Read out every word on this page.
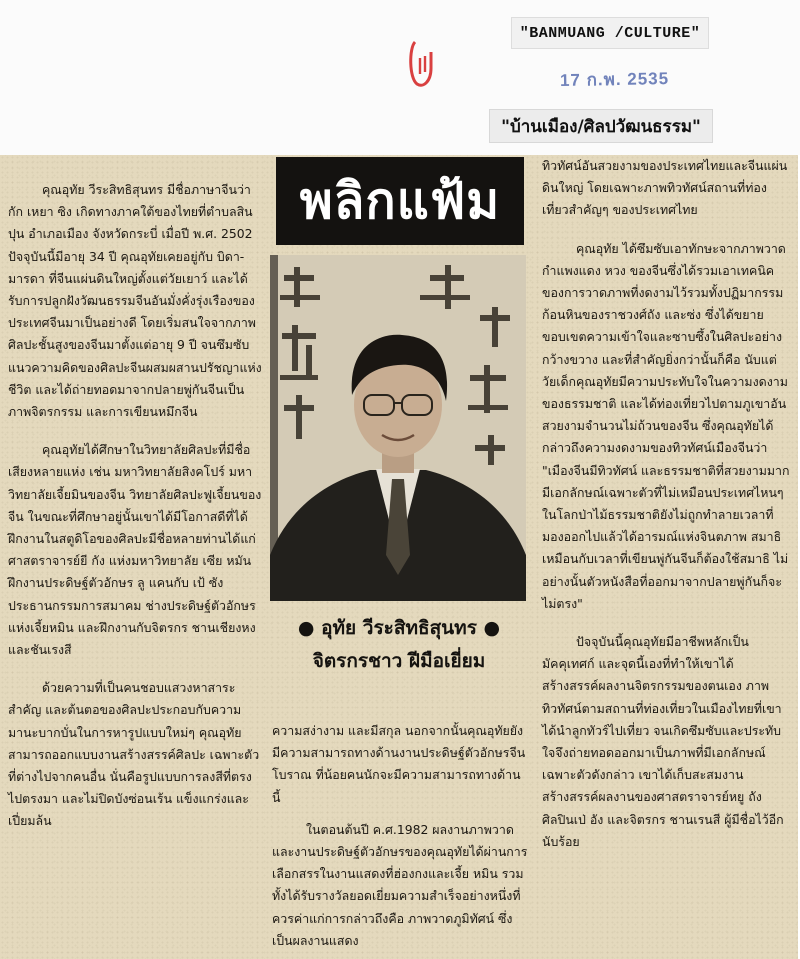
"BANMUANG /CULTURE"
17 ก.พ. 2535
"บ้านเมือง/ศิลปวัฒนธรรม"

คุณอุทัย วีระสิทธิสุนทร มีชื่อภาษาจีนว่า กัก เหยา ซิง เกิดทางภาคใต้ของไทยที่ตำบลสินปุน อำเภอเมือง จังหวัดกระบี่ เมื่อปี พ.ศ. 2502 ปัจจุบันนี้มีอายุ 34 ปี คุณอุทัยเคยอยู่กับ บิดา-มารดา ที่จีนแผ่นดินใหญ่ตั้งแต่วัยเยาว์ และได้รับการปลูกฝังวัฒนธรรมจีนอันมั่งคั่งรุ่งเรืองของประเทศจีนมาเป็นอย่างดี โดยเริ่มสนใจจากภาพศิลปะชั้นสูงของจีนมาตั้งแต่อายุ 9 ปี จนซึมซับแนวความคิดของศิลปะจีนผสมผสานปรัชญาแห่งชีวิต และได้ถ่ายทอดมาจากปลายพู่กันจีนเป็นภาพจิตรกรรม และการเขียนหมึกจีน

คุณอุทัยได้ศึกษาในวิทยาลัยศิลปะที่มีชื่อเสียงหลายแห่ง เช่น มหาวิทยาลัยสิงคโปร์ มหาวิทยาลัยเจี้ยมินของจีน วิทยาลัยศิลปะฟูเจี้ยนของจีน ในขณะที่ศึกษาอยู่นั้นเขาได้มีโอกาสดีที่ได้ฝึกงานในสตูดิโอของศิลปะมีชื่อหลายท่านได้แก่ศาสตราจารย์ยี กัง แห่งมหาวิทยาลัย เซีย หมัน ฝึกงานประดิษฐ์ตัวอักษร ลู แคนกับ เป้ ซัง ประธานกรรมการสมาคม ช่างประดิษฐ์ตัวอักษรแห่งเจี้ยหมิน และฝึกงานกับจิตรกร ชานเชียงหง และชันเรงสี

ด้วยความที่เป็นคนชอบแสวงหาสาระสำคัญ และต้นตอของศิลปะประกอบกับความมานะบากบั่นในการหารูปแบบใหม่ๆ คุณอุทัยสามารถออกแบบงานสร้างสรรค์ศิลปะ เฉพาะตัวที่ต่างไปจากคนอื่น นั่นคือรูปแบบการลงสีที่ตรงไปตรงมา และไม่ปิดบังซ่อนเร้น แข็งแกร่งและเปี่ยมล้น

พลิกแฟ้ม
● อุทัย วีระสิทธิสุนทร ●
จิตรกรชาว ฝีมือเยี่ยม

ความสง่างาม และมีสกุล นอกจากนั้นคุณอุทัยยังมีความสามารถทางด้านงานประดิษฐ์ตัวอักษรจีนโบราณ ที่น้อยคนนักจะมีความสามารถทางด้านนี้

ในตอนต้นปี ค.ศ.1982 ผลงานภาพวาดและงานประดิษฐ์ตัวอักษรของคุณอุทัยได้ผ่านการเลือกสรรในงานแสดงที่ฮ่องกงและเจี้ย หมิน รวมทั้งได้รับรางวัลยอดเยี่ยมความสำเร็จอย่างหนึ่งที่ควรค่าแก่การกล่าวถึงคือ ภาพวาดภูมิทัศน์ ซึ่งเป็นผลงานแสดง

ทิวทัศน์อันสวยงามของประเทศไทยและจีนแผ่นดินใหญ่ โดยเฉพาะภาพทิวทัศน์สถานที่ท่องเที่ยวสำคัญๆ ของประเทศไทย

คุณอุทัย ได้ซึมซับเอาทักษะจากภาพวาดกำแพงแดง หวง ของจีนซึ่งได้รวมเอาเทคนิคของการวาดภาพที่งดงามไว้รวมทั้งปฏิมากรรมก้อนหินของราชวงศ์ถัง และซ่ง ซึ่งได้ขยายขอบเขตความเข้าใจและซาบซึ้งในศิลปะอย่างกว้างขวาง และที่สำคัญยิ่งกว่านั้นก็คือ นับแต่วัยเด็กคุณอุทัยมีความประทับใจในความงดงามของธรรมชาติ และได้ท่องเที่ยวไปตามภูเขาอันสวยงามจำนวนไม่ถ้วนของจีน ซึ่งคุณอุทัยได้กล่าวถึงความงดงามของทิวทัศน์เมืองจีนว่า "เมืองจีนมีทิวทัศน์ และธรรมชาติที่สวยงามมาก มีเอกลักษณ์เฉพาะตัวที่ไม่เหมือนประเทศไหนๆในโลกป่าไม้ธรรมชาติยังไม่ถูกทำลายเวลาที่มองออกไปแล้วได้อารมณ์แห่งจินตภาพ สมาธิ เหมือนกับเวลาที่เขียนพู่กันจีนก็ต้องใช้สมาธิ ไม่อย่างนั้นตัวหนังสือที่ออกมาจากปลายพู่กันก็จะไม่ตรง"

ปัจจุบันนี้คุณอุทัยมีอาชีพหลักเป็นมัคคุเทศก์ และจุดนี้เองที่ทำให้เขาได้สร้างสรรค์ผลงานจิตรกรรมของตนเอง ภาพทิวทัศน์ตามสถานที่ท่องเที่ยวในเมืองไทยที่เขาได้นำลูกทัวร์ไปเที่ยว จนเกิดซึมซับและประทับใจจึงถ่ายทอดออกมาเป็นภาพที่มีเอกลักษณ์เฉพาะตัวดังกล่าว เขาได้เก็บสะสมงานสร้างสรรค์ผลงานของศาสตราจารย์หยู ถัง ศิลปินเป่ อัง และจิตรกร ชานเรนสี ผู้มีชื่อไว้อีกนับร้อย
